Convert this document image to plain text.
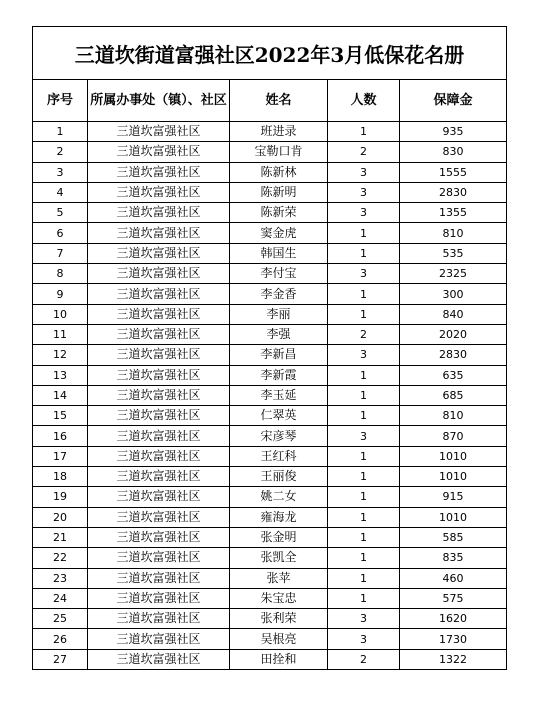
三道坎街道富强社区2022年3月低保花名册				
序号	所属办事处（镇）、社区	姓名	人数	保障金
1	三道坎富强社区	班进录	1	935
2	三道坎富强社区	宝勒口肯	2	830
3	三道坎富强社区	陈新林	3	1555
4	三道坎富强社区	陈新明	3	2830
5	三道坎富强社区	陈新荣	3	1355
6	三道坎富强社区	窦金虎	1	810
7	三道坎富强社区	韩国生	1	535
8	三道坎富强社区	李付宝	3	2325
9	三道坎富强社区	李金香	1	300
10	三道坎富强社区	李丽	1	840
11	三道坎富强社区	李强	2	2020
12	三道坎富强社区	李新昌	3	2830
13	三道坎富强社区	李新霞	1	635
14	三道坎富强社区	李玉延	1	685
15	三道坎富强社区	仁翠英	1	810
16	三道坎富强社区	宋彦琴	3	870
17	三道坎富强社区	王红科	1	1010
18	三道坎富强社区	王丽俊	1	1010
19	三道坎富强社区	姚二女	1	915
20	三道坎富强社区	雍海龙	1	1010
21	三道坎富强社区	张金明	1	585
22	三道坎富强社区	张凯全	1	835
23	三道坎富强社区	张苹	1	460
24	三道坎富强社区	朱宝忠	1	575
25	三道坎富强社区	张利荣	3	1620
26	三道坎富强社区	吴根亮	3	1730
27	三道坎富强社区	田拴和	2	1322
